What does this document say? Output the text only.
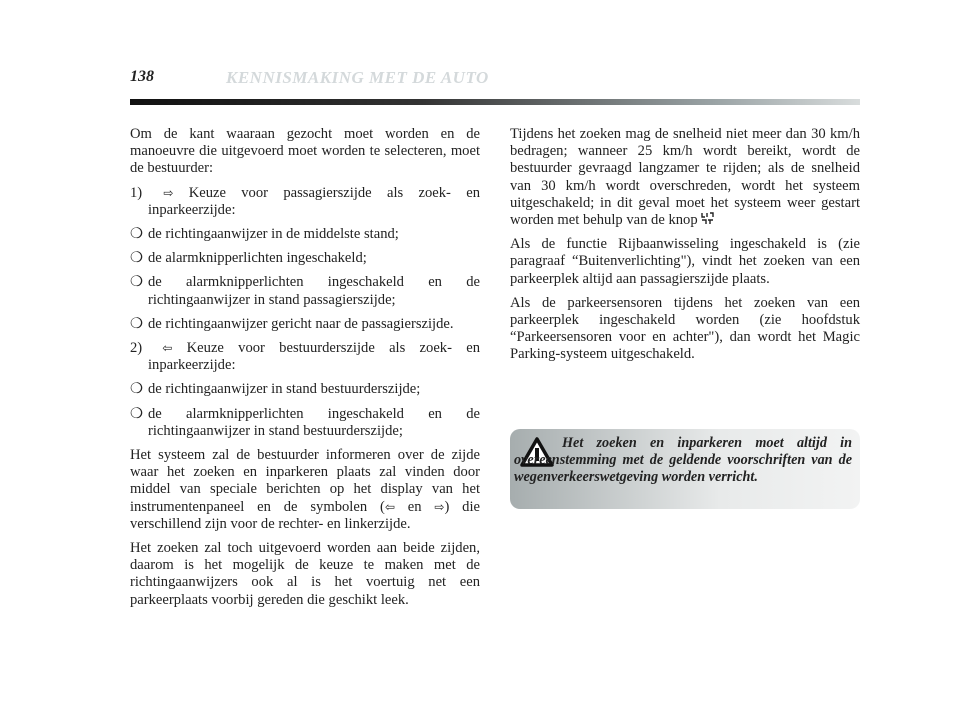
138	KENNISMAKING MET DE AUTO

Om de kant waaraan gezocht moet worden en de manoeuvre die uitgevoerd moet worden te selecteren, moet de bestuurder:

1)	⇨ Keuze voor passagierszijde als zoek- en inparkeerzijde:
❍ de richtingaanwijzer in de middelste stand;
❍ de alarmknipperlichten ingeschakeld;
❍ de alarmknipperlichten ingeschakeld en de richtingaanwijzer in stand passagierszijde;
❍ de richtingaanwijzer gericht naar de passagierszijde.
2)	⇦ Keuze voor bestuurderszijde als zoek- en inparkeerzijde:
❍ de richtingaanwijzer in stand bestuurderszijde;
❍ de alarmknipperlichten ingeschakeld en de richtingaanwijzer in stand bestuurderszijde;

Het systeem zal de bestuurder informeren over de zijde waar het zoeken en inparkeren plaats zal vinden door middel van speciale berichten op het display van het instrumentenpaneel en de symbolen (⇦ en ⇨) die verschillend zijn voor de rechter- en linkerzijde.

Het zoeken zal toch uitgevoerd worden aan beide zijden, daarom is het mogelijk de keuze te maken met de richtingaanwijzers ook al is het voertuig net een parkeerplaats voorbij gereden die geschikt leek.

Tijdens het zoeken mag de snelheid niet meer dan 30 km/h bedragen; wanneer 25 km/h wordt bereikt, wordt de bestuurder gevraagd langzamer te rijden; als de snelheid van 30 km/h wordt overschreden, wordt het systeem uitgeschakeld; in dit geval moet het systeem weer gestart worden met behulp van de knop

Als de functie Rijbaanwisseling ingeschakeld is (zie paragraaf “Buitenverlichting"), vindt het zoeken van een parkeerplek altijd aan passagierszijde plaats.

Als de parkeersensoren tijdens het zoeken van een parkeerplek ingeschakeld worden (zie hoofdstuk “Parkeersensoren voor en achter"), dan wordt het Magic Parking-systeem uitgeschakeld.

Het zoeken en inparkeren moet altijd in overeenstemming met de geldende voorschriften van de wegenverkeerswetgeving worden verricht.
